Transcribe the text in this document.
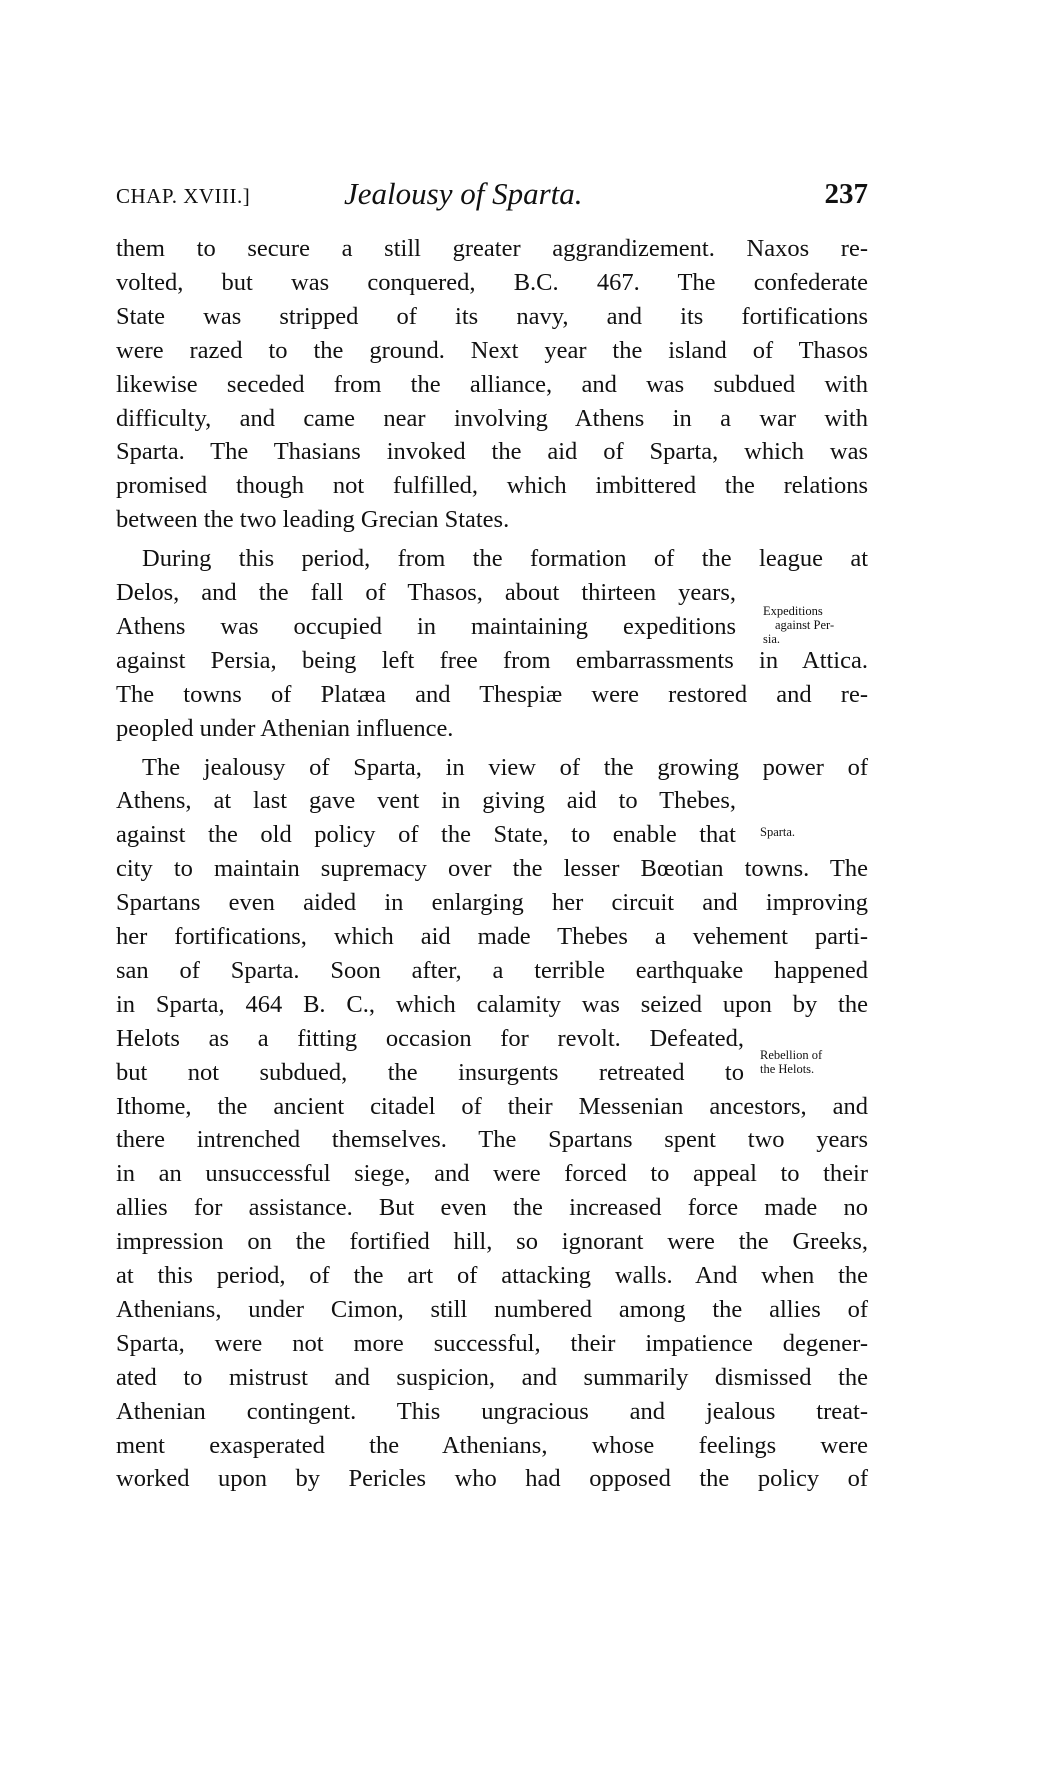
CHAP. XVIII.]	Jealousy of Sparta.	237
them to secure a still greater aggrandizement. Naxos re-
volted, but was conquered, B.C. 467. The confederate
State was stripped of its navy, and its fortifications
were razed to the ground. Next year the island of Thasos
likewise seceded from the alliance, and was subdued with
difficulty, and came near involving Athens in a war with
Sparta. The Thasians invoked the aid of Sparta, which was
promised though not fulfilled, which imbittered the relations
between the two leading Grecian States.
During this period, from the formation of the league at
Delos, and the fall of Thasos, about thirteen years,
Athens was occupied in maintaining expeditions
against Persia, being left free from embarrassments in Attica.
The towns of Platæa and Thespiæ were restored and re-
peopled under Athenian influence.
The jealousy of Sparta, in view of the growing power of
Athens, at last gave vent in giving aid to Thebes,
against the old policy of the State, to enable that
city to maintain supremacy over the lesser Bœotian towns. The
Spartans even aided in enlarging her circuit and improving
her fortifications, which aid made Thebes a vehement parti-
san of Sparta. Soon after, a terrible earthquake happened
in Sparta, 464 B. C., which calamity was seized upon by the
Helots as a fitting occasion for revolt. Defeated,
but not subdued, the insurgents retreated to
Ithome, the ancient citadel of their Messenian ancestors, and
there intrenched themselves. The Spartans spent two years
in an unsuccessful siege, and were forced to appeal to their
allies for assistance. But even the increased force made no
impression on the fortified hill, so ignorant were the Greeks,
at this period, of the art of attacking walls. And when the
Athenians, under Cimon, still numbered among the allies of
Sparta, were not more successful, their impatience degener-
ated to mistrust and suspicion, and summarily dismissed the
Athenian contingent. This ungracious and jealous treat-
ment exasperated the Athenians, whose feelings were
worked upon by Pericles who had opposed the policy of
Expeditions
against Per-
sia.
Sparta.
Rebellion of
the Helots.
